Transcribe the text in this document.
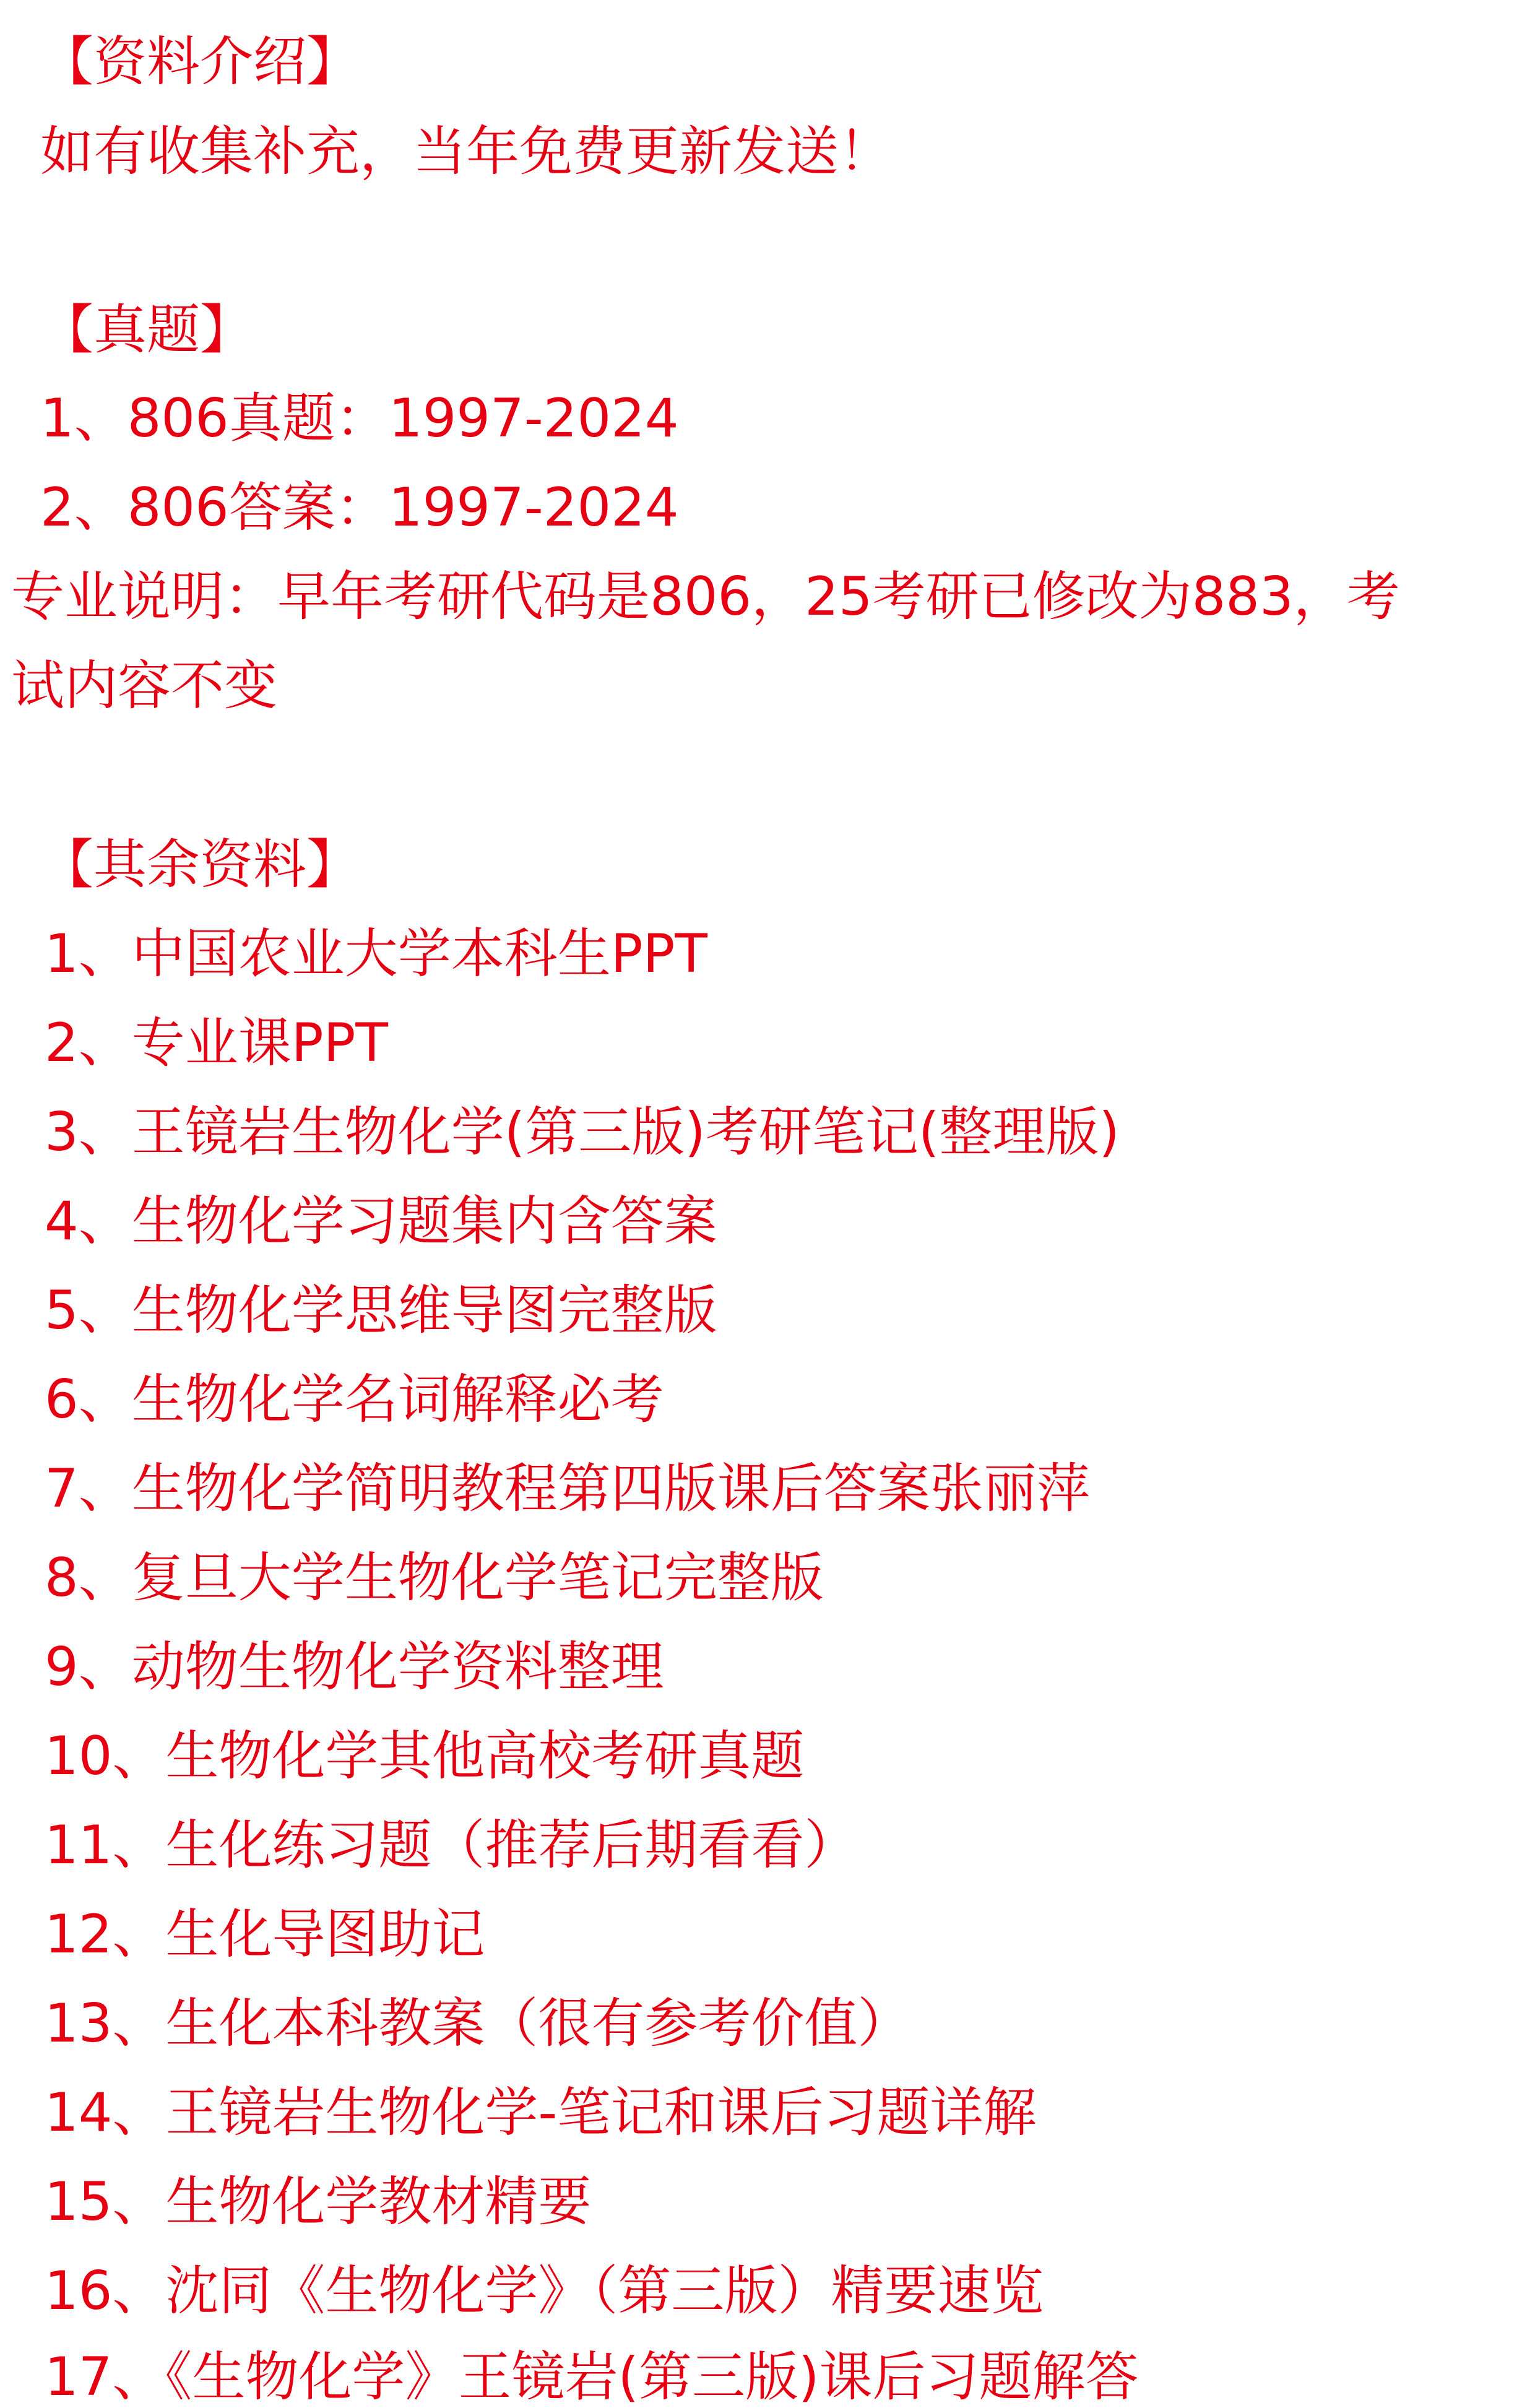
【资料介绍】
如有收集补充，当年免费更新发送！
【真题】
1、806真题：1997-2024
2、806答案：1997-2024
专业说明：早年考研代码是806，25考研已修改为883，考
试内容不变
【其余资料】
1、中国农业大学本科生PPT
2、专业课PPT
3、王镜岩生物化学(第三版)考研笔记(整理版)
4、生物化学习题集内含答案
5、生物化学思维导图完整版
6、生物化学名词解释必考
7、生物化学简明教程第四版课后答案张丽萍
8、复旦大学生物化学笔记完整版
9、动物生物化学资料整理
10、生物化学其他高校考研真题
11、生化练习题（推荐后期看看）
12、生化导图助记
13、生化本科教案（很有参考价值）
14、王镜岩生物化学-笔记和课后习题详解
15、生物化学教材精要
16、沈同《生物化学》（第三版）精要速览
17、《生物化学》王镜岩(第三版)课后习题解答
